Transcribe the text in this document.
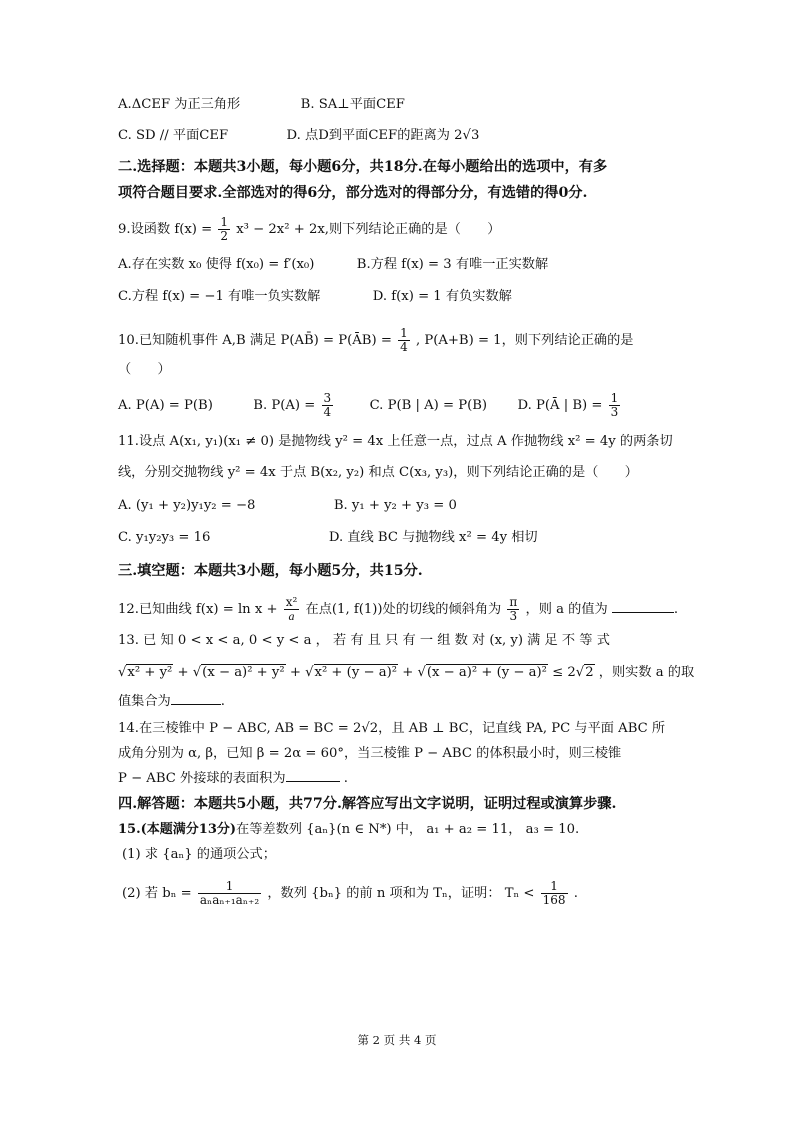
A.ΔCEF 为正三角形	B. SA⊥平面CEF
C. SD // 平面CEF	D. 点D到平面CEF的距离为 2√3
二.选择题：本题共3小题，每小题6分，共18分.在每小题给出的选项中，有多
项符合题目要求.全部选对的得6分，部分选对的得部分分，有选错的得0分.
9.设函数 $f(x) = \frac{1}{2} x^3 - 2x^2 + 2x$,则下列结论正确的是（　　）
A.存在实数 x₀ 使得 f(x₀) = f′(x₀)	B.方程 f(x) = 3 有唯一正实数解
C.方程 f(x) = −1 有唯一负实数解	D. f(x) = 1 有负实数解
10.已知随机事件 A,B 满足 P(AB̄) = P(ĀB) = $\frac{1}{4}$ , P(A+B) = 1，则下列结论正确的是
（　　）
A. P(A) = P(B)	B. $P(A) = \frac{3}{4}$	C. P(B | A) = P(B) D. P(Ā | $B) = \frac{1}{3}$
11.设点 A(x₁, y₁)(x₁ ≠ 0) 是抛物线 y² = 4x 上任意一点，过点 A 作抛物线 x² = 4y 的两条切
线，分别交抛物线 y² = 4x 于点 B(x₂, y₂) 和点 C(x₃, y₃)，则下列结论正确的是（　　）
A. (y₁ + y₂)y₁y₂ = −8	B. y₁ + y₂ + y₃ = 0
C. y₁y₂y₃ = 16	D. 直线 BC 与抛物线 x² = 4y 相切
三.填空题：本题共3小题，每小题5分，共15分.
12.已知曲线 $f(x) = \ln x + \frac{\text{x²}}{a}$ 在点(1, f(1))处的切线的倾斜角为 $\frac{\pi}{3}$ ，则 a 的值为	.
13. 已 知 0 < x < a, 0 < y < a ， 若 有 且 只 有 一 组 数 对 (x, y) 满 足 不 等 式
√x² + y² + √(x − a)² + y² + √x² + (y − a)² + √(x − a)² + (y − a)² ≤ 2√2 ，则实数 a 的取
值集合为	.
14.在三棱锥中 P − ABC, AB = BC = 2√2，且 AB ⊥ BC，记直线 PA, PC 与平面 ABC 所
成角分别为 α, β，已知 β = 2α = 60°，当三棱锥 P − ABC 的体积最小时，则三棱锥
P − ABC 外接球的表面积为	.
四.解答题：本题共5小题，共77分.解答应写出文字说明，证明过程或演算步骤.
15.(本题满分13分)在等差数列 {aₙ}(n ∈ N*) 中， a₁ + a₂ = 11， a₃ = 10.
(1) 求 {aₙ} 的通项公式；
(2) 若 $b_n = \frac{1}{\text{aₙaₙ₊₁aₙ₊₂}}$ ，数列 {bₙ} 的前 n 项和为 Tₙ，证明： $T_n < \frac{1}{168}$ .
第 2 页 共 4 页
